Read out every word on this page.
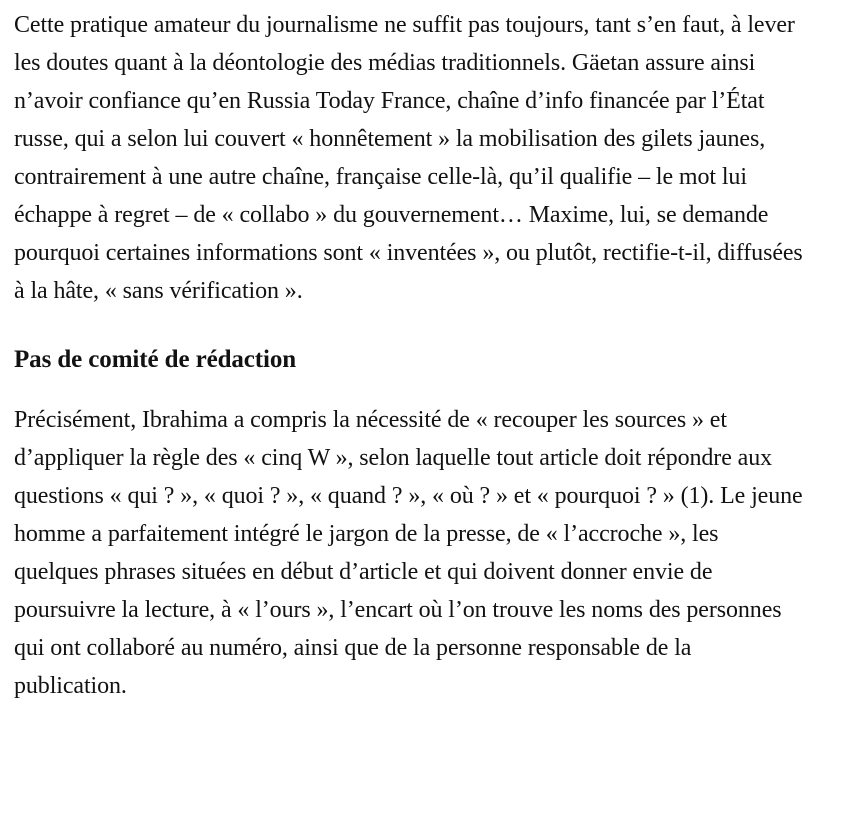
Cette pratique amateur du journalisme ne suffit pas toujours, tant s’en faut, à lever les doutes quant à la déontologie des médias traditionnels. Gäetan assure ainsi n’avoir confiance qu’en Russia Today France, chaîne d’info financée par l’État russe, qui a selon lui couvert « honnêtement » la mobilisation des gilets jaunes, contrairement à une autre chaîne, française celle-là, qu’il qualifie – le mot lui échappe à regret – de « collabo » du gouvernement… Maxime, lui, se demande pourquoi certaines informations sont « inventées », ou plutôt, rectifie-t-il, diffusées à la hâte, « sans vérification ».

Pas de comité de rédaction

Précisément, Ibrahima a compris la nécessité de « recouper les sources » et d’appliquer la règle des « cinq W », selon laquelle tout article doit répondre aux questions « qui ? », « quoi ? », « quand ? », « où ? » et « pourquoi ? » (1). Le jeune homme a parfaitement intégré le jargon de la presse, de « l’accroche », les quelques phrases situées en début d’article et qui doivent donner envie de poursuivre la lecture, à « l’ours », l’encart où l’on trouve les noms des personnes qui ont collaboré au numéro, ainsi que de la personne responsable de la publication.
